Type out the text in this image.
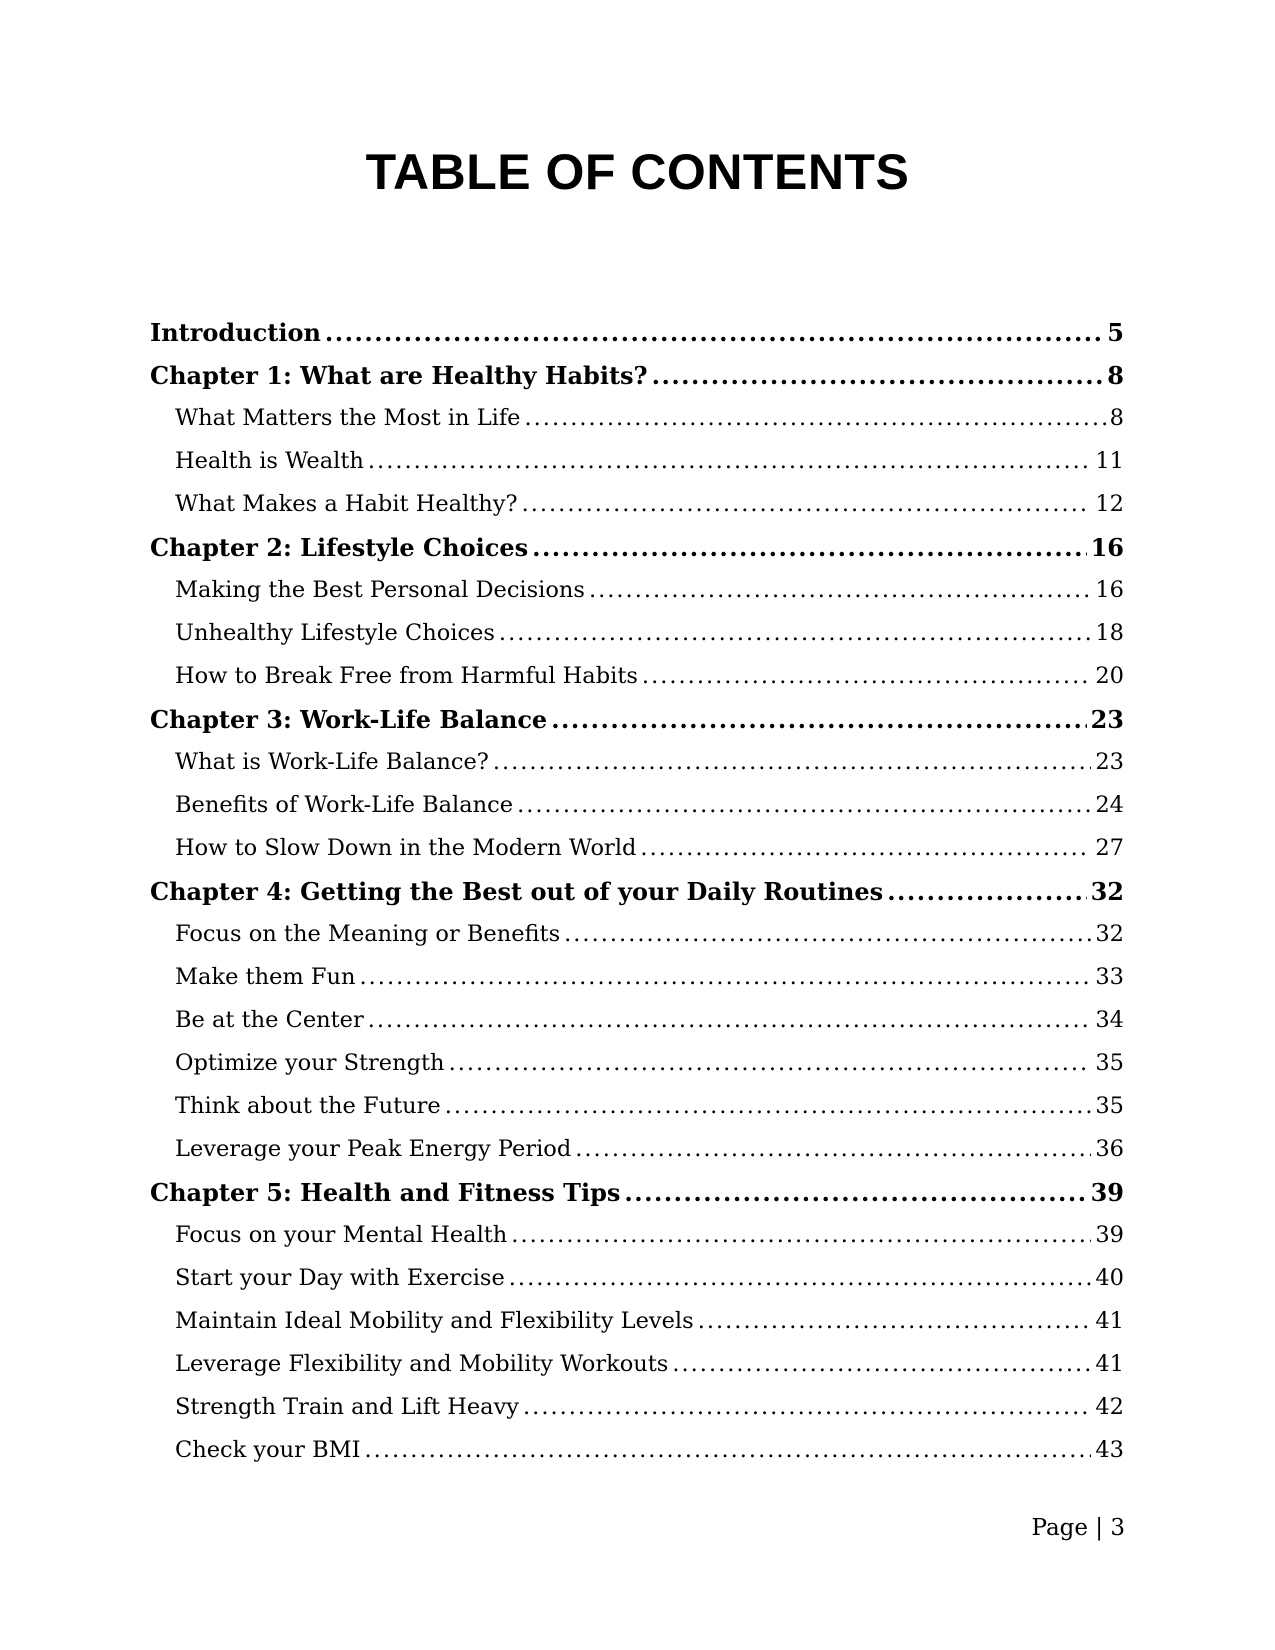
TABLE OF CONTENTS
Introduction .....	5
Chapter 1: What are Healthy Habits? .....	8
What Matters the Most in Life .....	8
Health is Wealth .....	11
What Makes a Habit Healthy? .....	12
Chapter 2: Lifestyle Choices .....	16
Making the Best Personal Decisions .....	16
Unhealthy Lifestyle Choices .....	18
How to Break Free from Harmful Habits .....	20
Chapter 3: Work-Life Balance .....	23
What is Work-Life Balance? .....	23
Benefits of Work-Life Balance .....	24
How to Slow Down in the Modern World .....	27
Chapter 4: Getting the Best out of your Daily Routines .....	32
Focus on the Meaning or Benefits .....	32
Make them Fun .....	33
Be at the Center .....	34
Optimize your Strength .....	35
Think about the Future .....	35
Leverage your Peak Energy Period .....	36
Chapter 5: Health and Fitness Tips .....	39
Focus on your Mental Health .....	39
Start your Day with Exercise .....	40
Maintain Ideal Mobility and Flexibility Levels .....	41
Leverage Flexibility and Mobility Workouts .....	41
Strength Train and Lift Heavy .....	42
Check your BMI .....	43
Page | 3
